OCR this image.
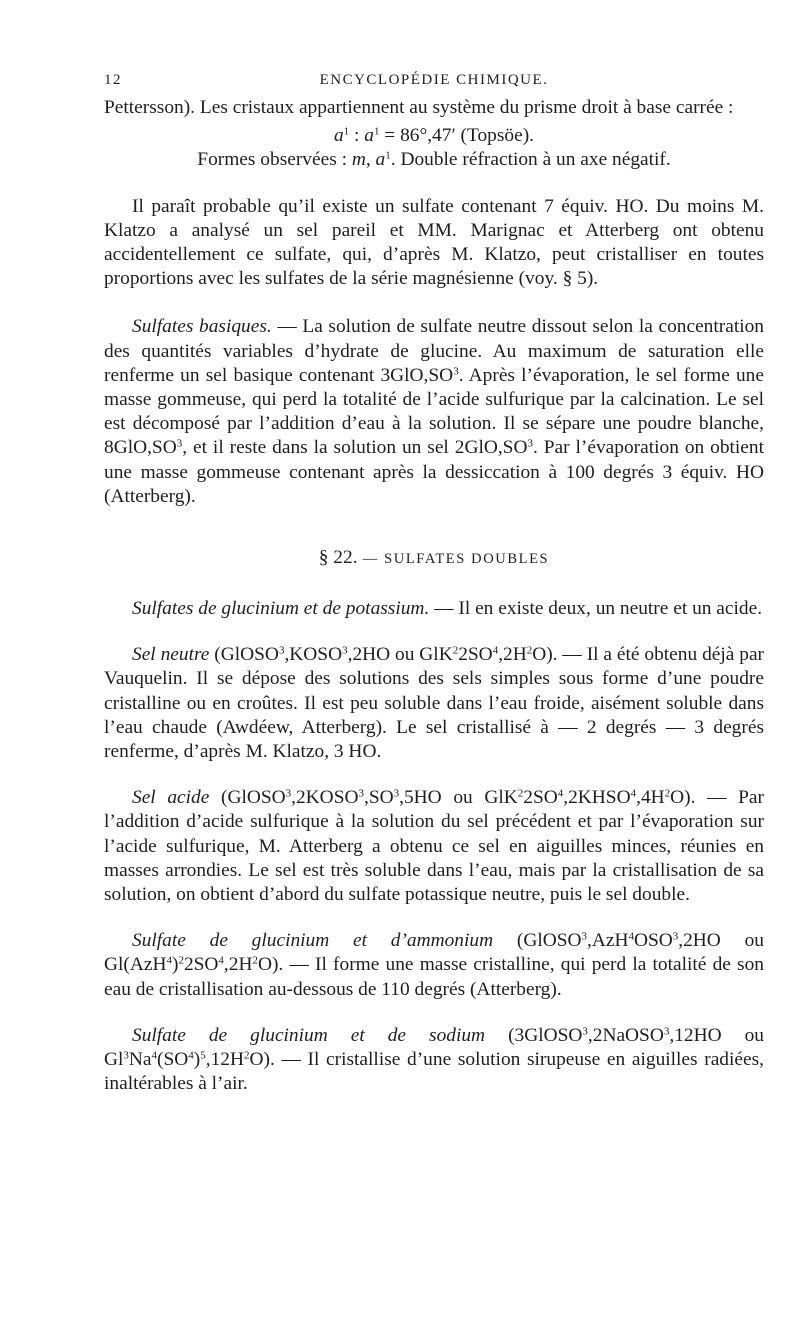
12	ENCYCLOPÉDIE CHIMIQUE.

Pettersson). Les cristaux appartiennent au système du prisme droit à base carrée :

$a^1$ : $a^1 = 86^\circ,47'$ (Topsöe).

Formes observées : m, $a^1$. Double réfraction à un axe négatif.

Il paraît probable qu’il existe un sulfate contenant 7 équiv. HO. Du moins M. Klatzo a analysé un sel pareil et MM. Marignac et Atterberg ont obtenu accidentellement ce sulfate, qui, d’après M. Klatzo, peut cristalliser en toutes proportions avec les sulfates de la série magnésienne (voy. § 5).

Sulfates basiques. — La solution de sulfate neutre dissout selon la concentration des quantités variables d’hydrate de glucine. Au maximum de saturation elle renferme un sel basique contenant $3GlO,SO^3$. Après l’évaporation, le sel forme une masse gommeuse, qui perd la totalité de l’acide sulfurique par la calcination. Le sel est décomposé par l’addition d’eau à la solution. Il se sépare une poudre blanche, $8GlO,SO^3$, et il reste dans la solution un sel $2GlO,SO^3$. Par l’évaporation on obtient une masse gommeuse contenant après la dessiccation à 100 degrés 3 équiv. HO (Atterberg).

§ 22. — SULFATES DOUBLES

Sulfates de glucinium et de potassium. — Il en existe deux, un neutre et un acide.

Sel neutre (GlOSO$^3$,KOSO$^3$,2HO ou $GlK^22SO^4,2H^2O$). — Il a été obtenu déjà par Vauquelin. Il se dépose des solutions des sels simples sous forme d’une poudre cristalline ou en croûtes. Il est peu soluble dans l’eau froide, aisément soluble dans l’eau chaude (Awdéew, Atterberg). Le sel cristallisé à — 2 degrés — 3 degrés renferme, d’après M. Klatzo, 3 HO.

Sel acide ($GlOSO^3,2KOSO^3,SO^3,5HO$ ou $GlK^22SO^4,2KHSO^4,4H^2O$). — Par l’addition d’acide sulfurique à la solution du sel précédent et par l’évaporation sur l’acide sulfurique, M. Atterberg a obtenu ce sel en aiguilles minces, réunies en masses arrondies. Le sel est très soluble dans l’eau, mais par la cristallisation de sa solution, on obtient d’abord du sulfate potassique neutre, puis le sel double.

Sulfate de glucinium et d’ammonium (GlOSO$^3$,AzH$^4$OSO$^3$,2HO ou $Gl(AzH^4)^22SO^4,2H^2O$). — Il forme une masse cristalline, qui perd la totalité de son eau de cristallisation au-dessous de 110 degrés (Atterberg).

Sulfate de glucinium et de sodium (3GlOSO$^3$,2NaOSO$^3$,12HO ou $Gl^3Na^4(SO^4)^5,12H^2O$). — Il cristallise d’une solution sirupeuse en aiguilles radiées, inaltérables à l’air.
